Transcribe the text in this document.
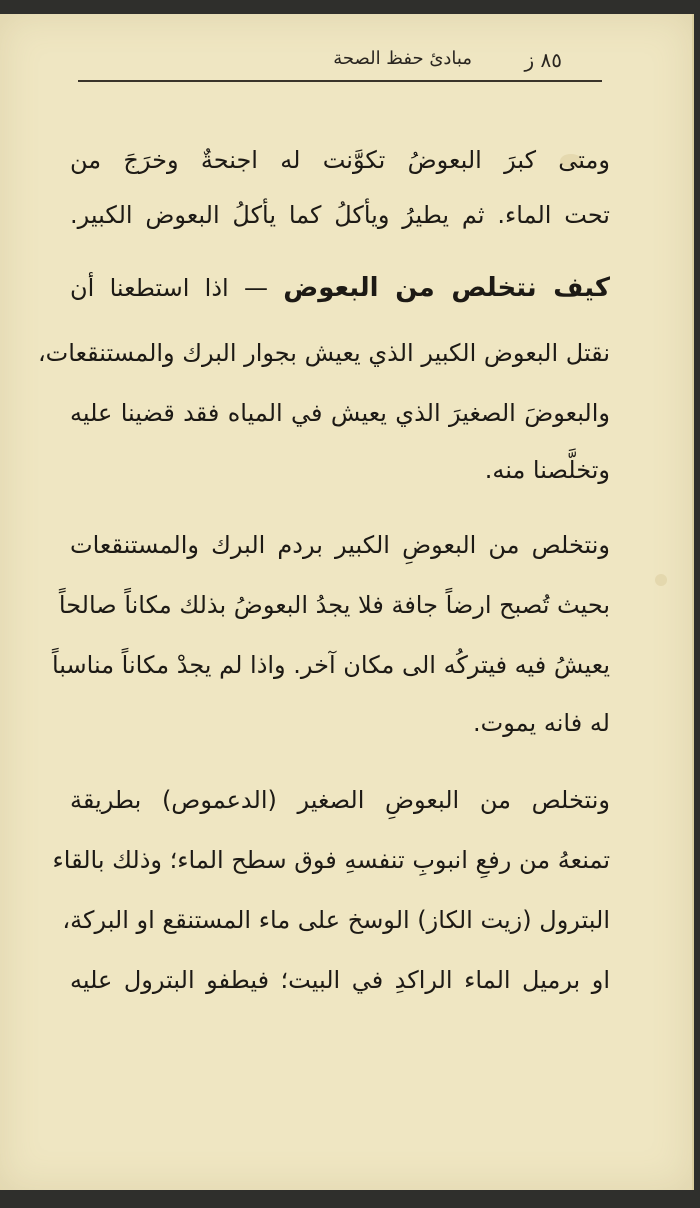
٨٥ ز
مبادئ حفظ الصحة
ومتى كبرَ البعوضُ تكوَّنت له اجنحةٌ وخرَجَ من
تحت الماء. ثم يطيرُ ويأكلُ كما يأكلُ البعوض الكبير.
كيف نتخلص من البعوض — اذا استطعنا أن
نقتل البعوض الكبير الذي يعيش بجوار البرك والمستنقعات،
والبعوضَ الصغيرَ الذي يعيش في المياه فقد قضينا عليه
وتخلَّصنا منه.
ونتخلص من البعوضِ الكبير بردم البرك والمستنقعات
بحيث تُصبح ارضاً جافة فلا يجدُ البعوضُ بذلك مكاناً صالحاً
يعيشُ فيه فيتركُه الى مكان آخر. واذا لم يجدْ مكاناً مناسباً
له فانه يموت.
ونتخلص من البعوضِ الصغير (الدعموص) بطريقة
تمنعهُ من رفعِ انبوبِ تنفسهِ فوق سطح الماء؛ وذلك بالقاء
البترول (زيت الكاز) الوسخ على ماء المستنقع او البركة،
او برميل الماء الراكدِ في البيت؛ فيطفو البترول عليه
